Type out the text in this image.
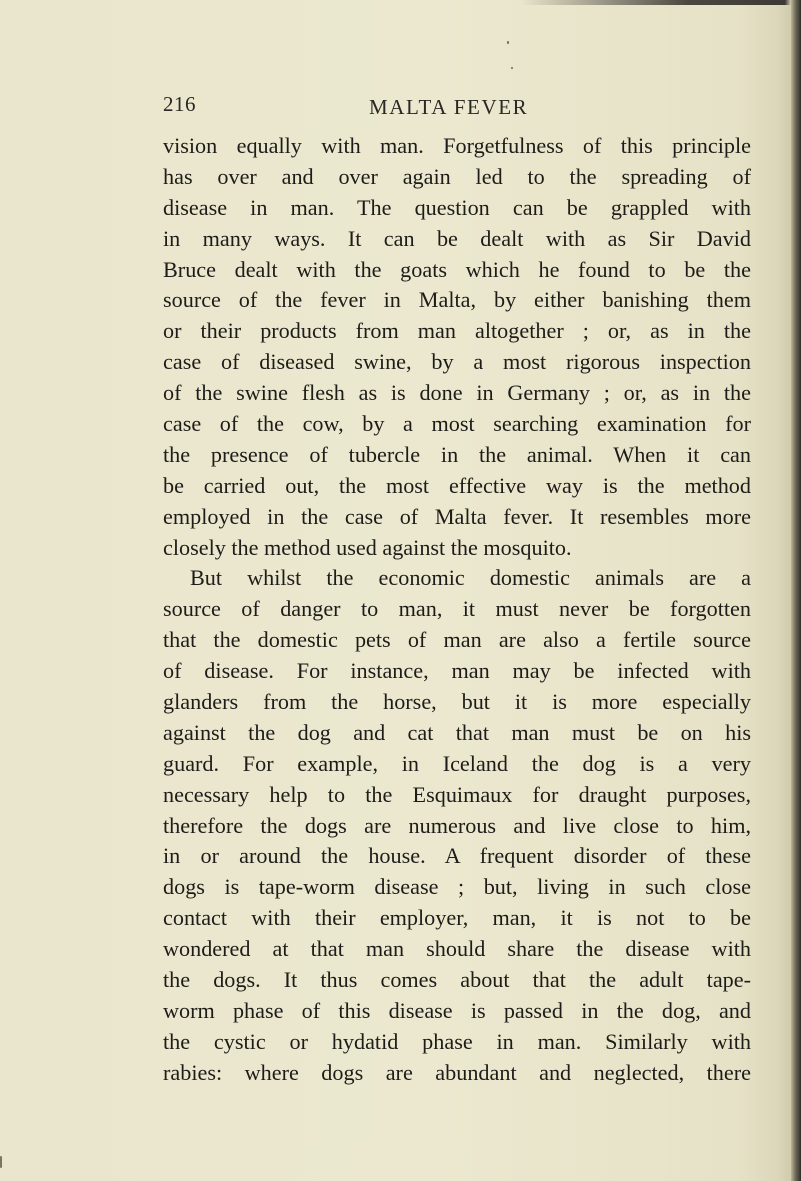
216	MALTA FEVER
vision equally with man. Forgetfulness of this principle
has over and over again led to the spreading of
disease in man. The question can be grappled with
in many ways. It can be dealt with as Sir David
Bruce dealt with the goats which he found to be the
source of the fever in Malta, by either banishing them
or their products from man altogether ; or, as in the
case of diseased swine, by a most rigorous inspection
of the swine flesh as is done in Germany ; or, as in the
case of the cow, by a most searching examination for
the presence of tubercle in the animal. When it can
be carried out, the most effective way is the method
employed in the case of Malta fever. It resembles more
closely the method used against the mosquito.
But whilst the economic domestic animals are a
source of danger to man, it must never be forgotten
that the domestic pets of man are also a fertile source
of disease. For instance, man may be infected with
glanders from the horse, but it is more especially
against the dog and cat that man must be on his
guard. For example, in Iceland the dog is a very
necessary help to the Esquimaux for draught purposes,
therefore the dogs are numerous and live close to him,
in or around the house. A frequent disorder of these
dogs is tape-worm disease ; but, living in such close
contact with their employer, man, it is not to be
wondered at that man should share the disease with
the dogs. It thus comes about that the adult tape-
worm phase of this disease is passed in the dog, and
the cystic or hydatid phase in man. Similarly with
rabies: where dogs are abundant and neglected, there
